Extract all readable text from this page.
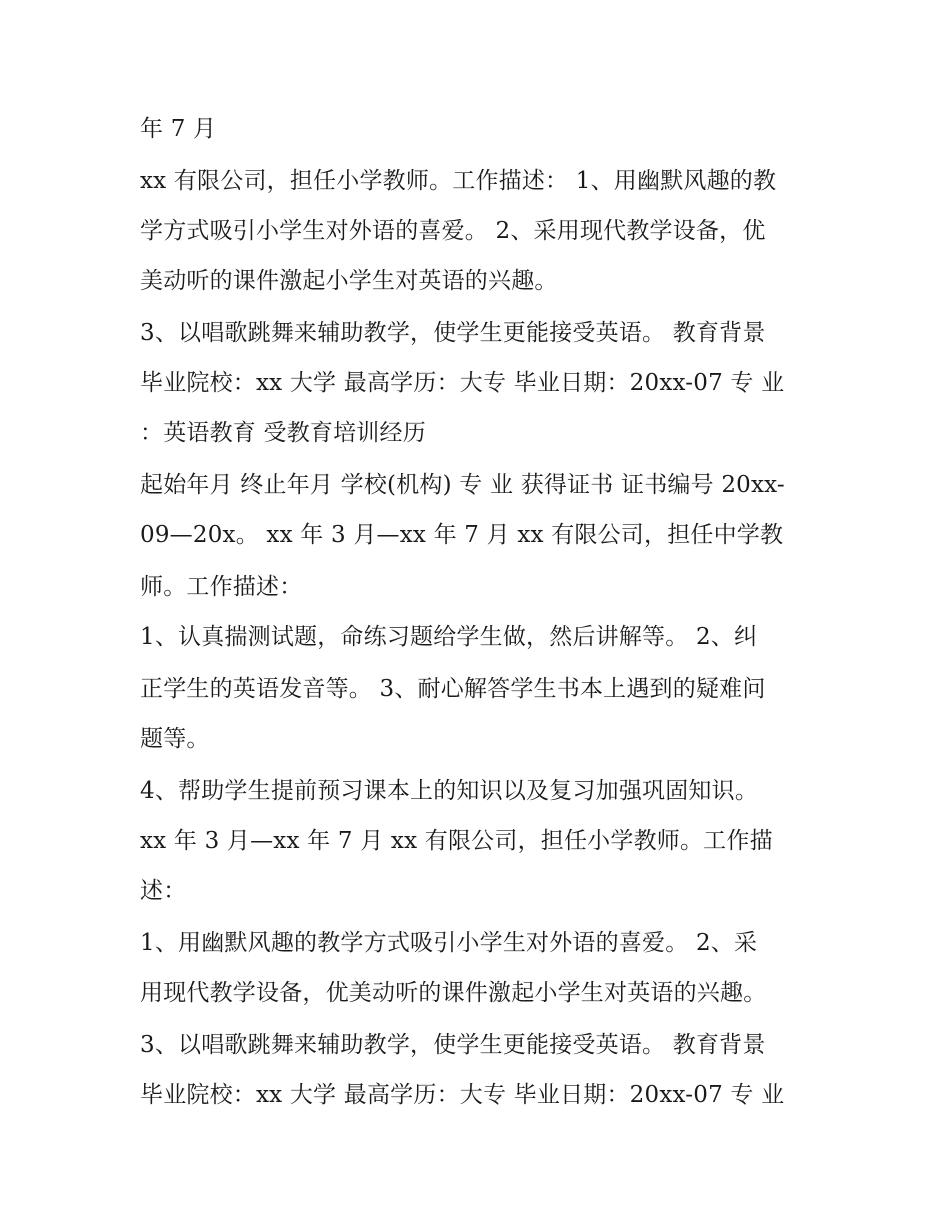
年 7 月
xx 有限公司，担任小学教师。工作描述： 1、用幽默风趣的教
学方式吸引小学生对外语的喜爱。 2、采用现代教学设备，优
美动听的课件激起小学生对英语的兴趣。
3、以唱歌跳舞来辅助教学，使学生更能接受英语。 教育背景
毕业院校：xx 大学 最高学历：大专 毕业日期：20xx-07 专 业
：英语教育 受教育培训经历
起始年月 终止年月 学校(机构) 专 业 获得证书 证书编号 20xx-
09—20x。 xx 年 3 月—xx 年 7 月 xx 有限公司，担任中学教
师。工作描述：
1、认真揣测试题，命练习题给学生做，然后讲解等。 2、纠
正学生的英语发音等。 3、耐心解答学生书本上遇到的疑难问
题等。
4、帮助学生提前预习课本上的知识以及复习加强巩固知识。
xx 年 3 月—xx 年 7 月 xx 有限公司，担任小学教师。工作描
述：
1、用幽默风趣的教学方式吸引小学生对外语的喜爱。 2、采
用现代教学设备，优美动听的课件激起小学生对英语的兴趣。
3、以唱歌跳舞来辅助教学，使学生更能接受英语。 教育背景
毕业院校：xx 大学 最高学历：大专 毕业日期：20xx-07 专 业
